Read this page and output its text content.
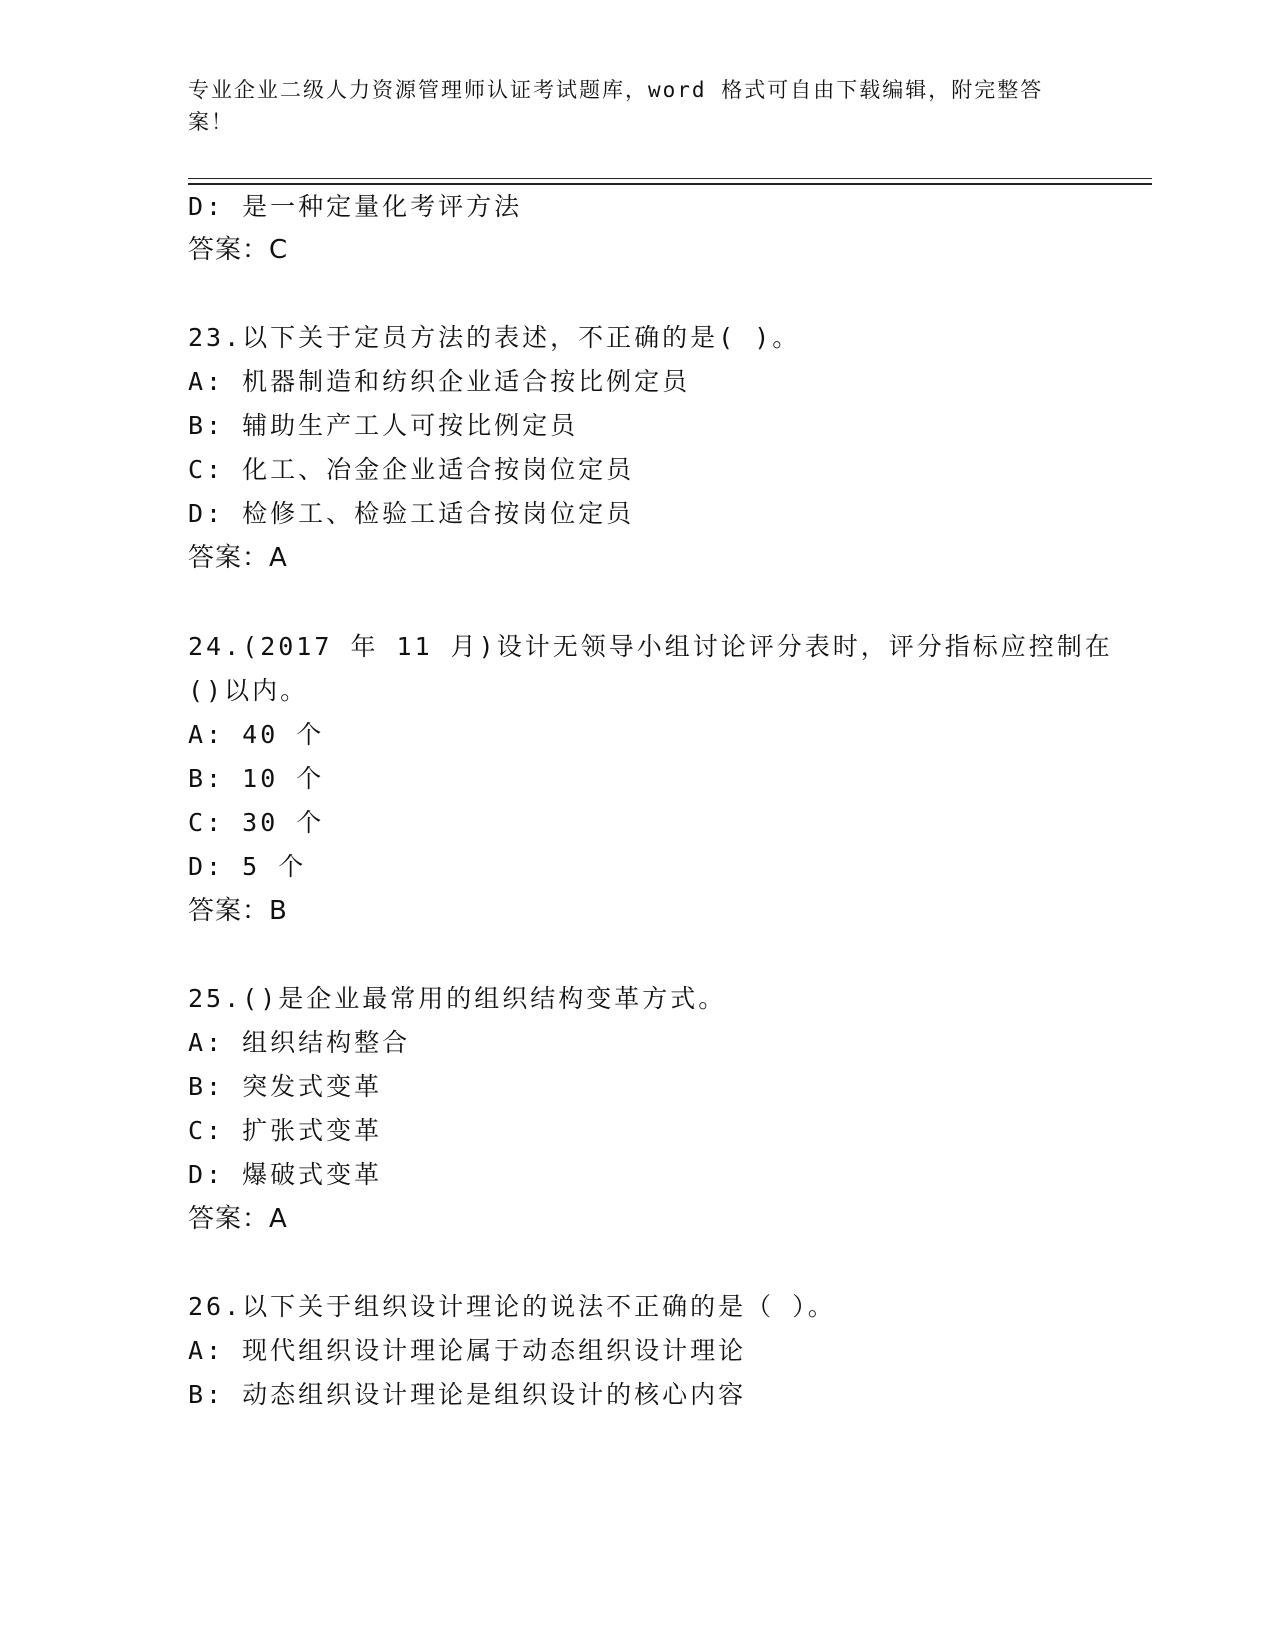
专业企业二级人力资源管理师认证考试题库，word 格式可自由下载编辑，附完整答案！
D: 是一种定量化考评方法
答案：C
23.以下关于定员方法的表述，不正确的是( )。
A: 机器制造和纺织企业适合按比例定员
B: 辅助生产工人可按比例定员
C: 化工、冶金企业适合按岗位定员
D: 检修工、检验工适合按岗位定员
答案：A
24.(2017 年 11 月)设计无领导小组讨论评分表时，评分指标应控制在
()以内。
A: 40 个
B: 10 个
C: 30 个
D: 5 个
答案：B
25.()是企业最常用的组织结构变革方式。
A: 组织结构整合
B: 突发式变革
C: 扩张式变革
D: 爆破式变革
答案：A
26.以下关于组织设计理论的说法不正确的是（ ）。
A: 现代组织设计理论属于动态组织设计理论
B: 动态组织设计理论是组织设计的核心内容
